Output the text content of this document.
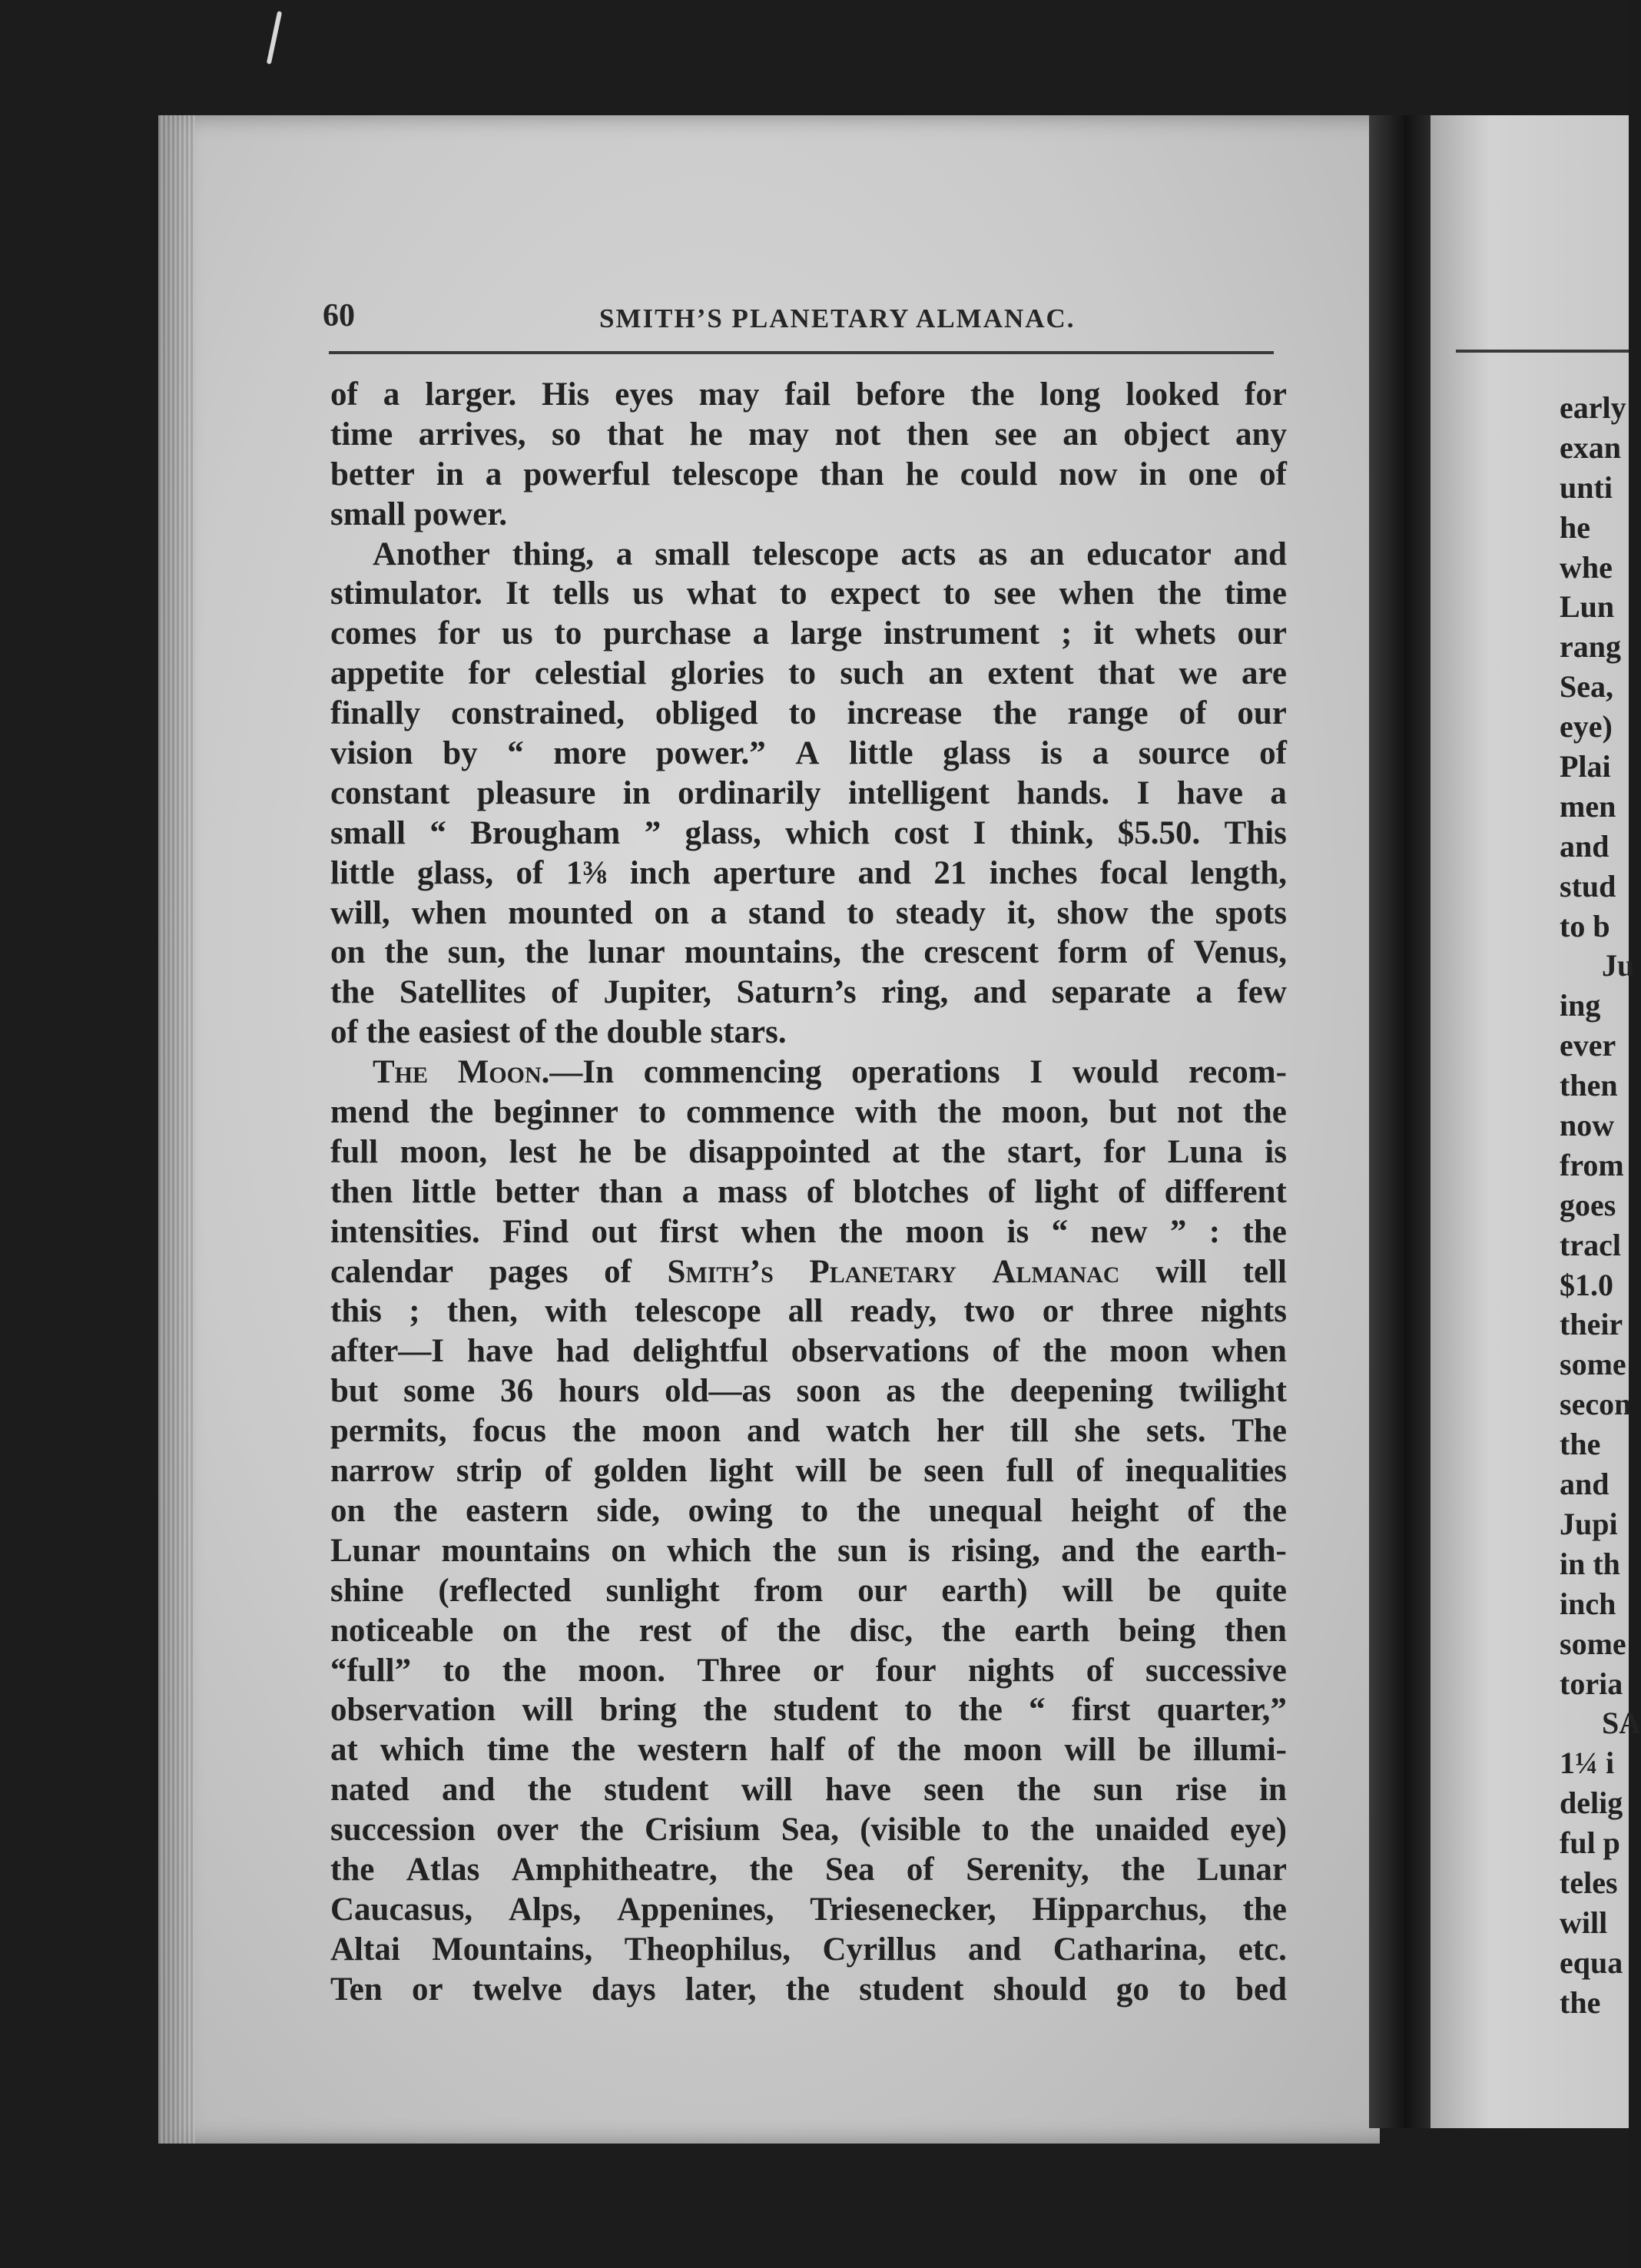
60	SMITH’S PLANETARY ALMANAC.
of a larger. His eyes may fail before the long looked for
time arrives, so that he may not then see an object any
better in a powerful telescope than he could now in one of
small
power.

Another thing, a small telescope acts as an educator and
stimulator. It tells us what to expect to see when the time
comes for us to purchase a large instrument ; it whets our
appetite for celestial glories to such an extent that we are
finally constrained, obliged to increase the range of our
vision by “ more power.” A little glass is a source of
constant pleasure in ordinarily intelligent hands. I have a
small “ Brougham ” glass, which cost I think, $5.50. This
little glass, of 1⅜ inch aperture and 21 inches focal length,
will, when mounted on a stand to steady it, show the spots
on the sun, the lunar mountains, the crescent form of Venus,
the Satellites of Jupiter, Saturn’s ring, and separate a few
of
the
easiest
of
the
double
stars.

The Moon.—In commencing operations I would recom-
mend the beginner to commence with the moon, but not the
full moon, lest he be disappointed at the start, for Luna is
then little better than a mass of blotches of light of different
intensities. Find out first when the moon is “ new ” : the
calendar pages of Smith’s Planetary Almanac will tell
this ; then, with telescope all ready, two or three nights
after—I have had delightful observations of the moon when
but some 36 hours old—as soon as the deepening twilight
permits, focus the moon and watch her till she sets. The
narrow strip of golden light will be seen full of inequalities
on the eastern side, owing to the unequal height of the
Lunar mountains on which the sun is rising, and the earth-
shine (reflected sunlight from our earth) will be quite
noticeable on the rest of the disc, the earth being then
“full” to the moon. Three or four nights of successive
observation will bring the student to the “ first quarter,”
at which time the western half of the moon will be illumi-
nated and the student will have seen the sun rise in
succession over the Crisium Sea, (visible to the unaided eye)
the Atlas Amphitheatre, the Sea of Serenity, the Lunar
Caucasus, Alps, Appenines, Triesenecker, Hipparchus, the
Altai Mountains, Theophilus, Cyrillus and Catharina, etc.
Ten or twelve days later, the student should go to bed
early
exan
unti
he
whe
Lun
rang
Sea,
eye)
Plai
men
and
stud
to b
Ju
ing
ever
then
now
from
goes
tracl
$1.0
their
some
secon
the
and
Jupi
in th
inch
some
toria
SA
1¼ i
delig
ful p
teles
will
equa
the
